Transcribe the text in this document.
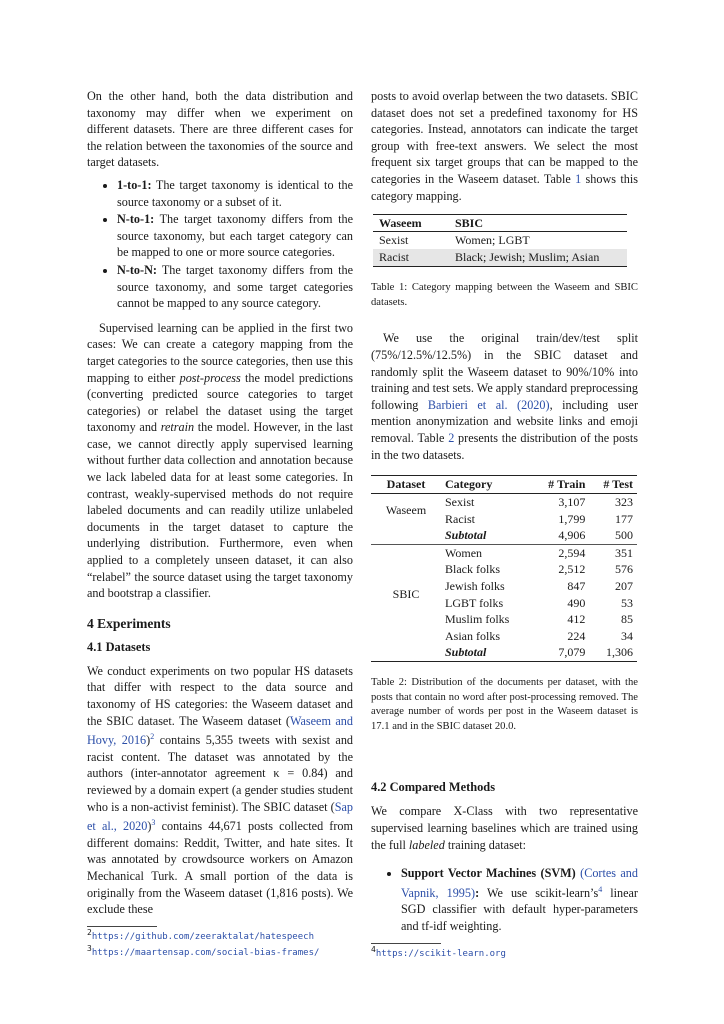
On the other hand, both the data distribution and taxonomy may differ when we experiment on different datasets. There are three different cases for the relation between the taxonomies of the source and target datasets.

• 1-to-1: The target taxonomy is identical to the source taxonomy or a subset of it.
• N-to-1: The target taxonomy differs from the source taxonomy, but each target category can be mapped to one or more source categories.
• N-to-N: The target taxonomy differs from the source taxonomy, and some target categories cannot be mapped to any source category.

Supervised learning can be applied in the first two cases: We can create a category mapping from the target categories to the source categories, then use this mapping to either post-process the model predictions (converting predicted source categories to target categories) or relabel the dataset using the target taxonomy and retrain the model. However, in the last case, we cannot directly apply supervised learning without further data collection and annotation because we lack labeled data for at least some categories. In contrast, weakly-supervised methods do not require labeled documents and can readily utilize unlabeled documents in the target dataset to capture the underlying distribution. Furthermore, even when applied to a completely unseen dataset, it can also “relabel” the source dataset using the target taxonomy and bootstrap a classifier.

4 Experiments
4.1 Datasets

We conduct experiments on two popular HS datasets that differ with respect to the data source and taxonomy of HS categories: the Waseem dataset and the SBIC dataset. The Waseem dataset (Waseem and Hovy, 2016)$^2$ contains 5,355 tweets with sexist and racist content. The dataset was annotated by the authors (inter-annotator agreement κ = 0.84) and reviewed by a domain expert (a gender studies student who is a non-activist feminist). The SBIC dataset (Sap et al., 2020)$^3$ contains 44,671 posts collected from different domains: Reddit, Twitter, and hate sites. It was annotated by crowdsource workers on Amazon Mechanical Turk. A small portion of the data is originally from the Waseem dataset (1,816 posts). We exclude these

$^2$https://github.com/zeeraktalat/hatespeech
$^3$https://maartensap.com/social-bias-frames/

posts to avoid overlap between the two datasets. SBIC dataset does not set a predefined taxonomy for HS categories. Instead, annotators can indicate the target group with free-text answers. We select the most frequent six target groups that can be mapped to the categories in the Waseem dataset. Table 1 shows this category mapping.

Waseem	SBIC
Sexist	Women; LGBT
Racist	Black; Jewish; Muslim; Asian

Table 1: Category mapping between the Waseem and SBIC datasets.

We use the original train/dev/test split (75%/12.5%/12.5%) in the SBIC dataset and randomly split the Waseem dataset to 90%/10% into training and test sets. We apply standard preprocessing following Barbieri et al. (2020), including user mention anonymization and website links and emoji removal. Table 2 presents the distribution of the posts in the two datasets.

Dataset	Category	# Train	# Test
Waseem	Sexist	3,107	323
	Racist	1,799	177
	Subtotal	4,906	500
SBIC	Women	2,594	351
	Black folks	2,512	576
	Jewish folks	847	207
	LGBT folks	490	53
	Muslim folks	412	85
	Asian folks	224	34
	Subtotal	7,079	1,306

Table 2: Distribution of the documents per dataset, with the posts that contain no word after post-processing removed. The average number of words per post in the Waseem dataset is 17.1 and in the SBIC dataset 20.0.

4.2 Compared Methods

We compare X-Class with two representative supervised learning baselines which are trained using the full labeled training dataset:

• Support Vector Machines (SVM) (Cortes and Vapnik, 1995): We use scikit-$learn’s^4$ linear SGD classifier with default hyper-parameters and tf-idf weighting.
$^4$https://scikit-learn.org
